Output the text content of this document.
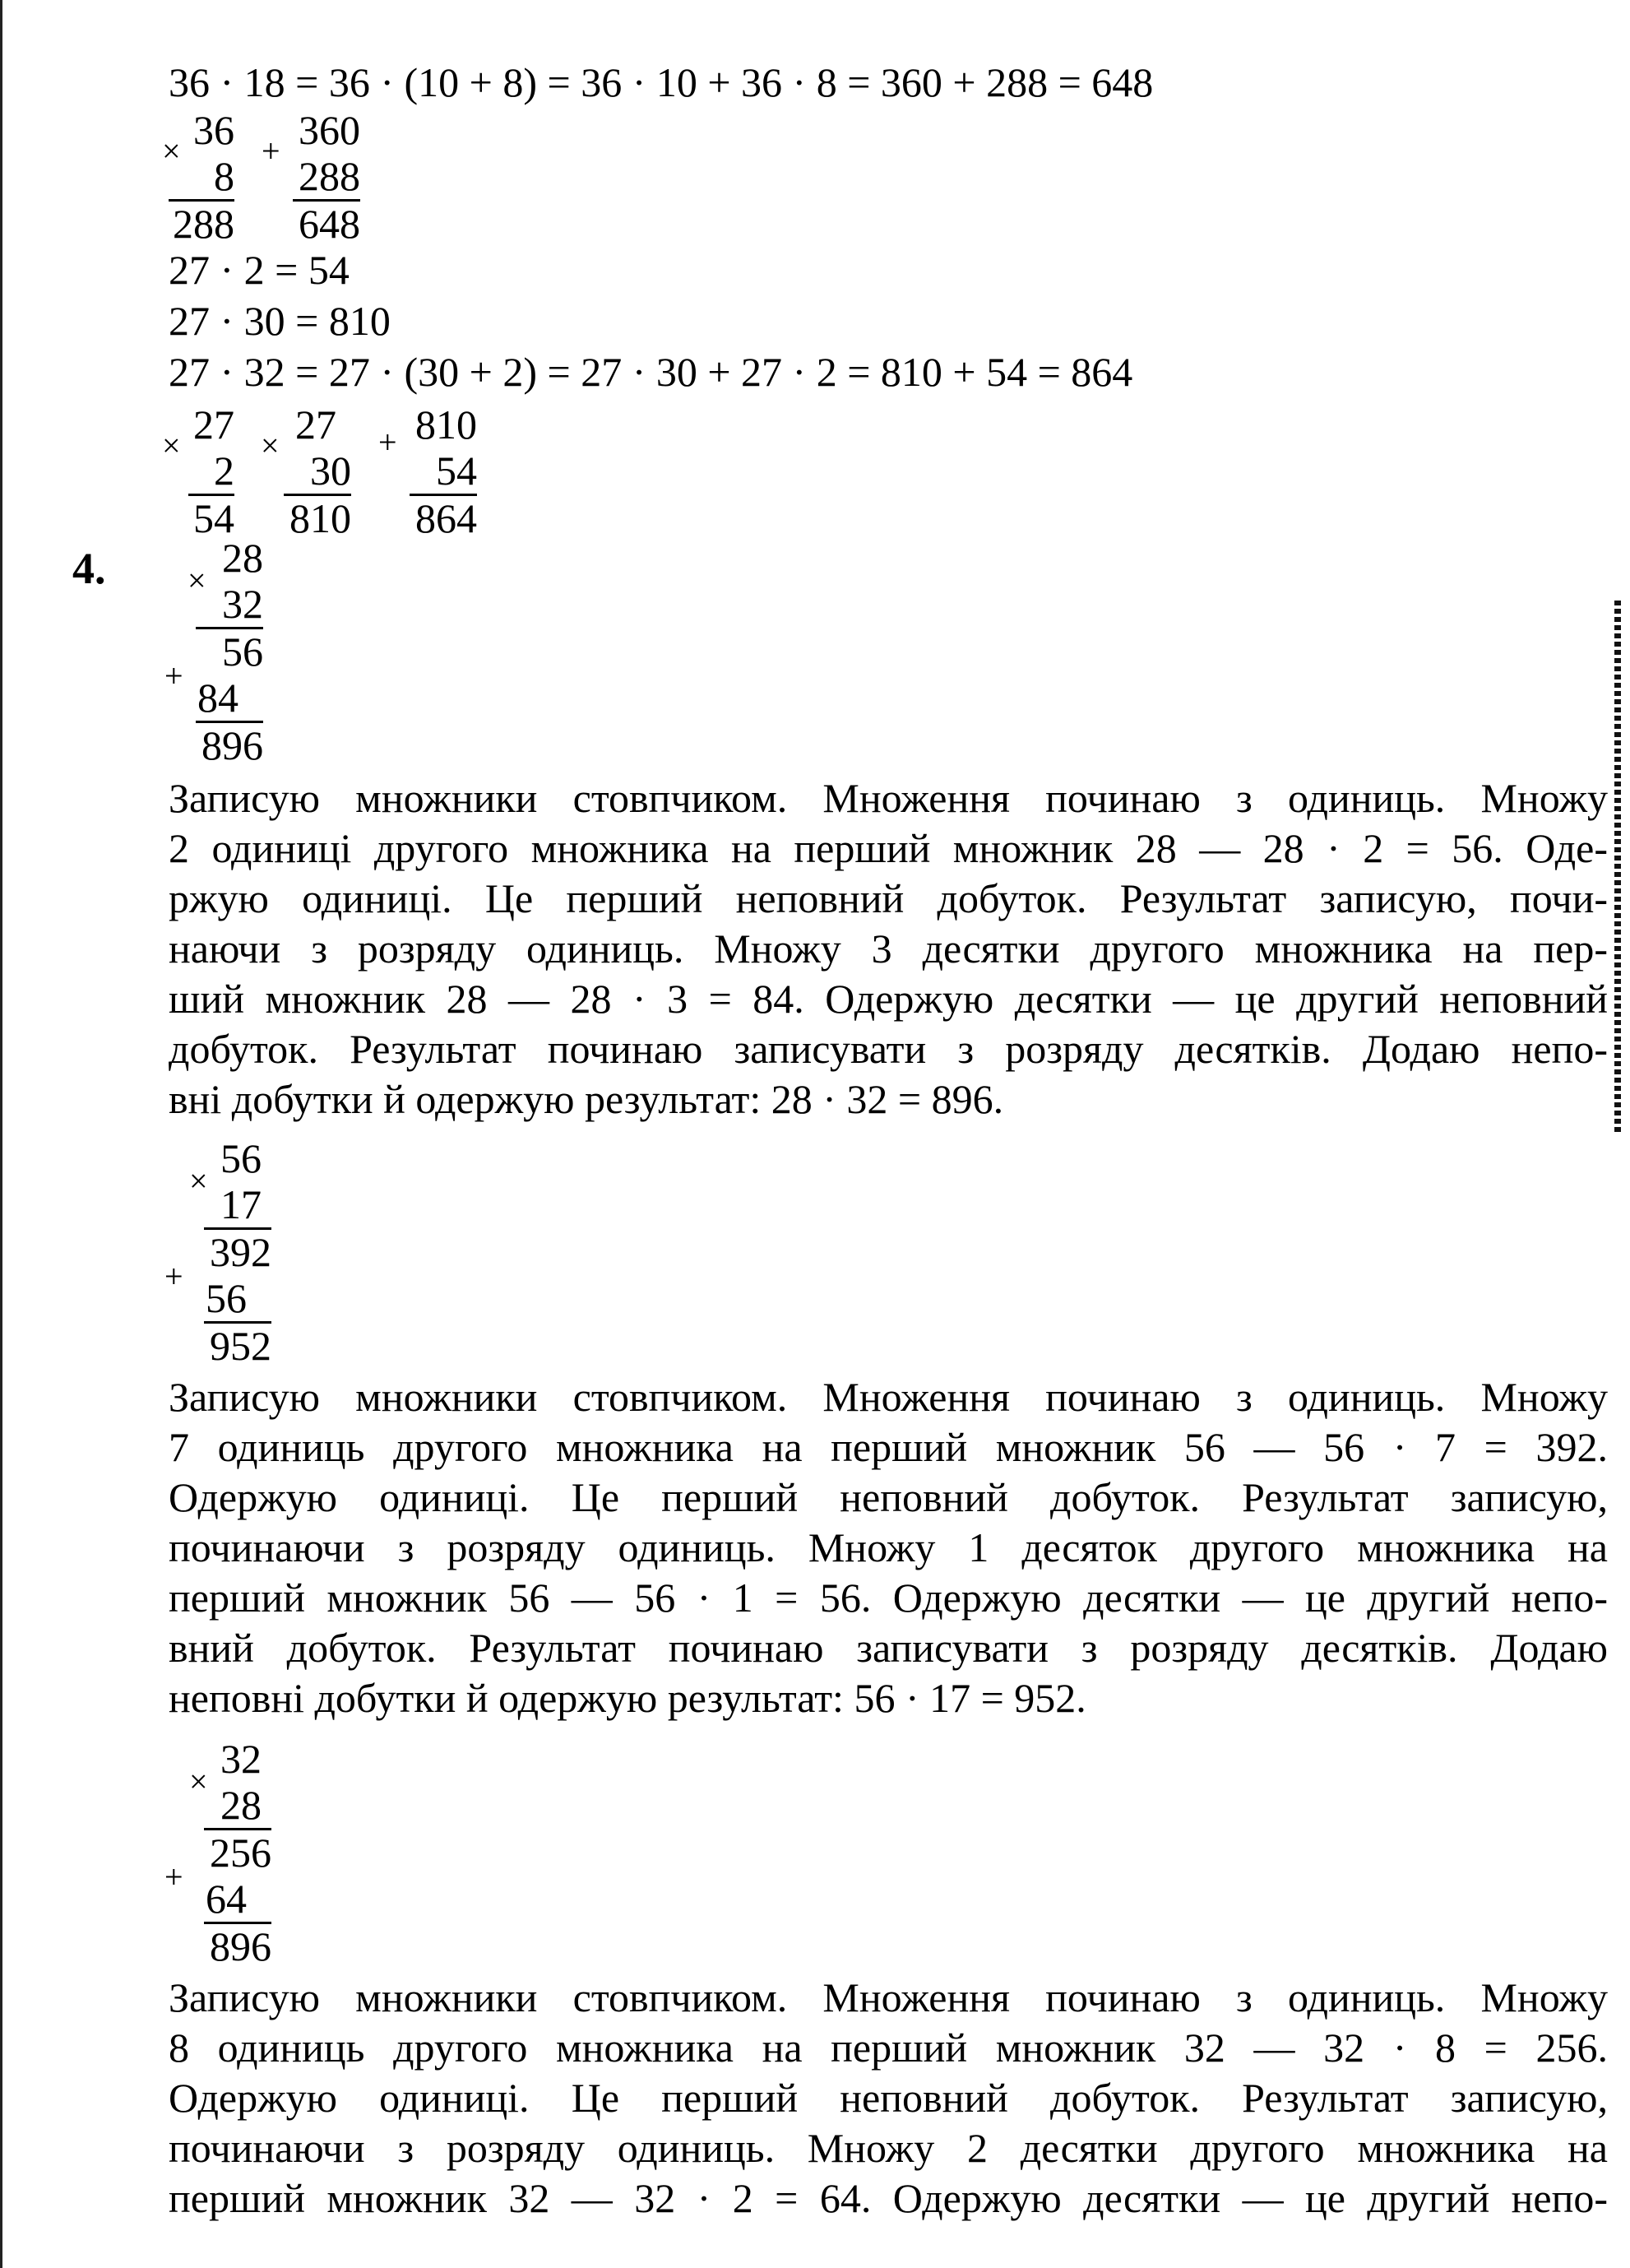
36 · 18 = 36 · (10 + 8) = 36 · 10 + 36 · 8 = 360 + 288 = 648
× 36
8
288
+ 360
288
648
27 · 2 = 54
27 · 30 = 810
27 · 32 = 27 · (30 + 2) = 27 · 30 + 27 · 2 = 810 + 54 = 864
× 27
2
54
× 27
30
810
+ 810
54
864
4. × 28
32
56
+ 84
896
Записую множники стовпчиком. Множення починаю з одиниць. Множу
2 одиниці другого множника на перший множник 28 — 28 · 2 = 56. Оде-
ржую одиниці. Це перший неповний добуток. Результат записую, почи-
наючи з розряду одиниць. Множу 3 десятки другого множника на пер-
ший множник 28 — 28 · 3 = 84. Одержую десятки — це другий неповний
добуток. Результат починаю записувати з розряду десятків. Додаю непо-
вні добутки й одержую результат: 28 · 32 = 896.
× 56
17
392
+ 56
952
Записую множники стовпчиком. Множення починаю з одиниць. Множу
7 одиниць другого множника на перший множник 56 — 56 · 7 = 392.
Одержую одиниці. Це перший неповний добуток. Результат записую,
починаючи з розряду одиниць. Множу 1 десяток другого множника на
перший множник 56 — 56 · 1 = 56. Одержую десятки — це другий непо-
вний добуток. Результат починаю записувати з розряду десятків. Додаю
неповні добутки й одержую результат: 56 · 17 = 952.
× 32
28
256
+ 64
896
Записую множники стовпчиком. Множення починаю з одиниць. Множу
8 одиниць другого множника на перший множник 32 — 32 · 8 = 256.
Одержую одиниці. Це перший неповний добуток. Результат записую,
починаючи з розряду одиниць. Множу 2 десятки другого множника на
перший множник 32 — 32 · 2 = 64. Одержую десятки — це другий непо-
